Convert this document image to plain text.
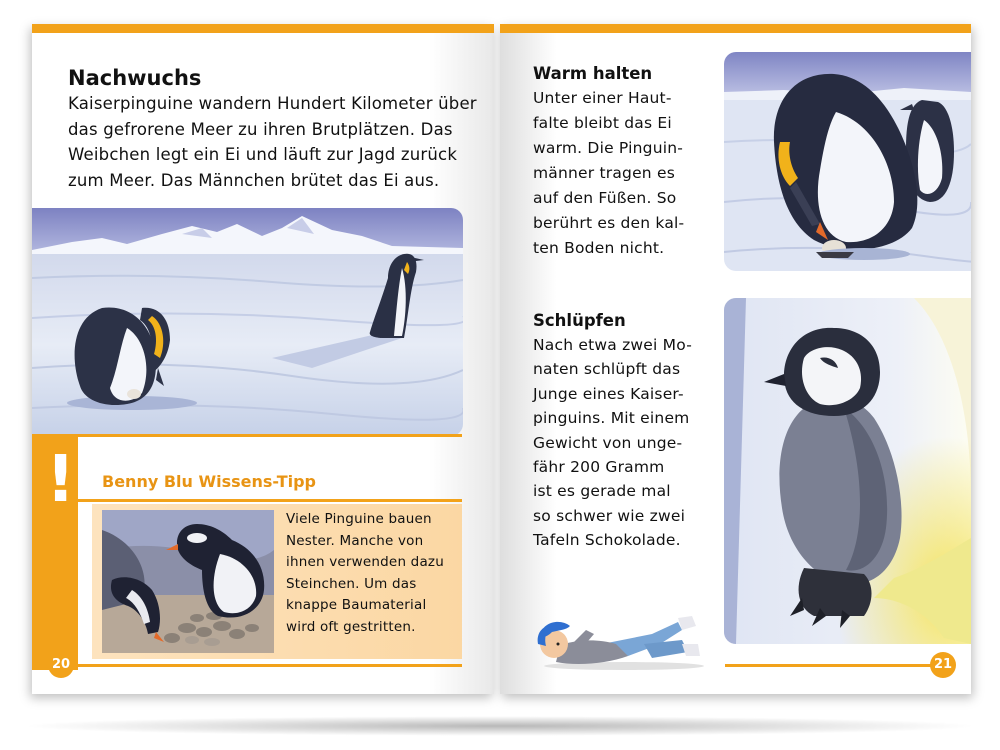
Nachwuchs
Kaiserpinguine wandern Hundert Kilometer über
das gefrorene Meer zu ihren Brutplätzen. Das
Weibchen legt ein Ei und läuft zur Jagd zurück
zum Meer. Das Männchen brütet das Ei aus.
! Benny Blu Wissens-Tipp
Viele Pinguine bauen
Nester. Manche von
ihnen verwenden dazu
Steinchen. Um das
knappe Baumaterial
wird oft gestritten.
20
Warm halten
Unter einer Haut-
falte bleibt das Ei
warm. Die Pinguin-
männer tragen es
auf den Füßen. So
berührt es den kal-
ten Boden nicht.
Schlüpfen
Nach etwa zwei Mo-
naten schlüpft das
Junge eines Kaiser-
pinguins. Mit einem
Gewicht von unge-
fähr 200 Gramm
ist es gerade mal
so schwer wie zwei
Tafeln Schokolade.
21
